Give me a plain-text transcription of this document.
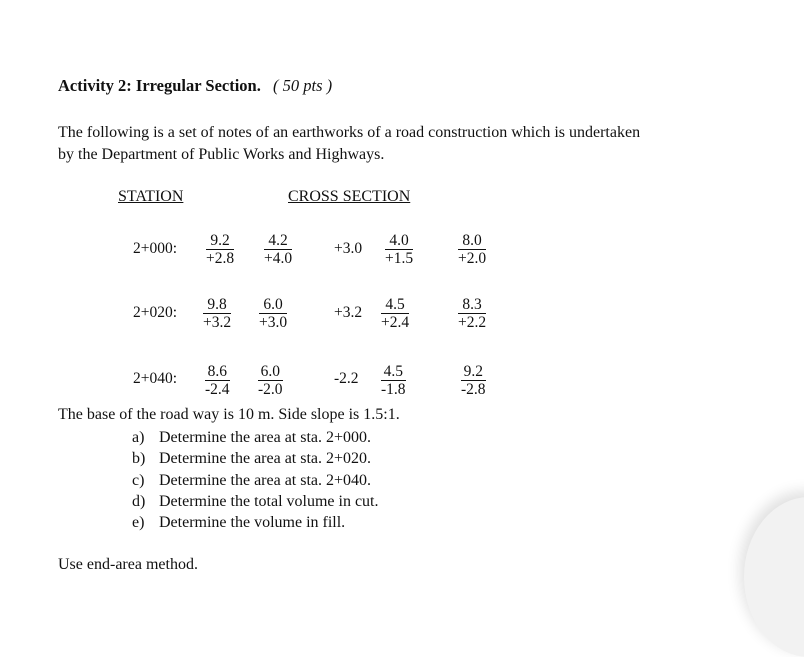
Activity 2: Irregular Section. ( 50 pts )
The following is a set of notes of an earthworks of a road construction which is undertaken
by the Department of Public Works and Highways.
STATION	CROSS SECTION
2+000: $\frac{9.2}{+2.8} \frac{4.2}{+4.0}$	$+3.0 \frac{4.0}{+1.5}$	$\frac{8.0}{+2.0}$
2+020: $\frac{9.8}{+3.2} \frac{6.0}{+3.0}$	$+3.2 \frac{4.5}{+2.4}$	$\frac{8.3}{+2.2}$
2+040: $\frac{8.6}{-2.4} \frac{6.0}{-2.0}$	$-2.2 \frac{4.5}{-1.8}$	$\frac{9.2}{-2.8}$
The base of the road way is 10 m. Side slope is 1.5:1.
a) Determine the area at sta. 2+000.
b) Determine the area at sta. 2+020.
c) Determine the area at sta. 2+040.
d) Determine the total volume in cut.
e) Determine the volume in fill.
Use end-area method.
